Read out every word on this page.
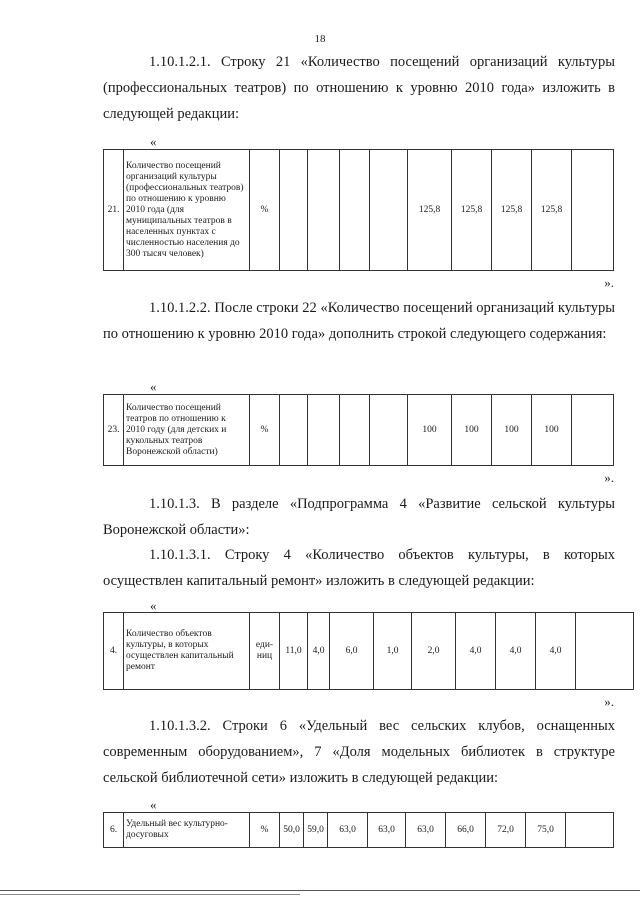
18

1.10.1.2.1. Строку 21 «Количество посещений организаций культуры (профессиональных театров) по отношению к уровню 2010 года» изложить в следующей редакции:

«
21.	Количество посещений организаций культуры (профессиональных театров) по отношению к уровню 2010 года (для муниципальных театров в населенных пунктах с численностью населения до 300 тысяч человек)	%					125,8	125,8	125,8	125,8	
».

1.10.1.2.2. После строки 22 «Количество посещений организаций культуры по отношению к уровню 2010 года» дополнить строкой следующего содержания:

«
23.	Количество посещений театров по отношению к 2010 году (для детских и кукольных театров Воронежской области)	%					100	100	100	100	
».

1.10.1.3. В разделе «Подпрограмма 4 «Развитие сельской культуры Воронежской области»:

1.10.1.3.1. Строку 4 «Количество объектов культуры, в которых осуществлен капитальный ремонт» изложить в следующей редакции:

«
4.	Количество объектов культуры, в которых осуществлен капитальный ремонт	еди-ниц	11,0	4,0	6,0	1,0	2,0	4,0	4,0	4,0	
».

1.10.1.3.2. Строки 6 «Удельный вес сельских клубов, оснащенных современным оборудованием», 7 «Доля модельных библиотек в структуре сельской библиотечной сети» изложить в следующей редакции:

«
6.	Удельный вес культурно-досуговых	%	50,0	59,0	63,0	63,0	63,0	66,0	72,0	75,0	
